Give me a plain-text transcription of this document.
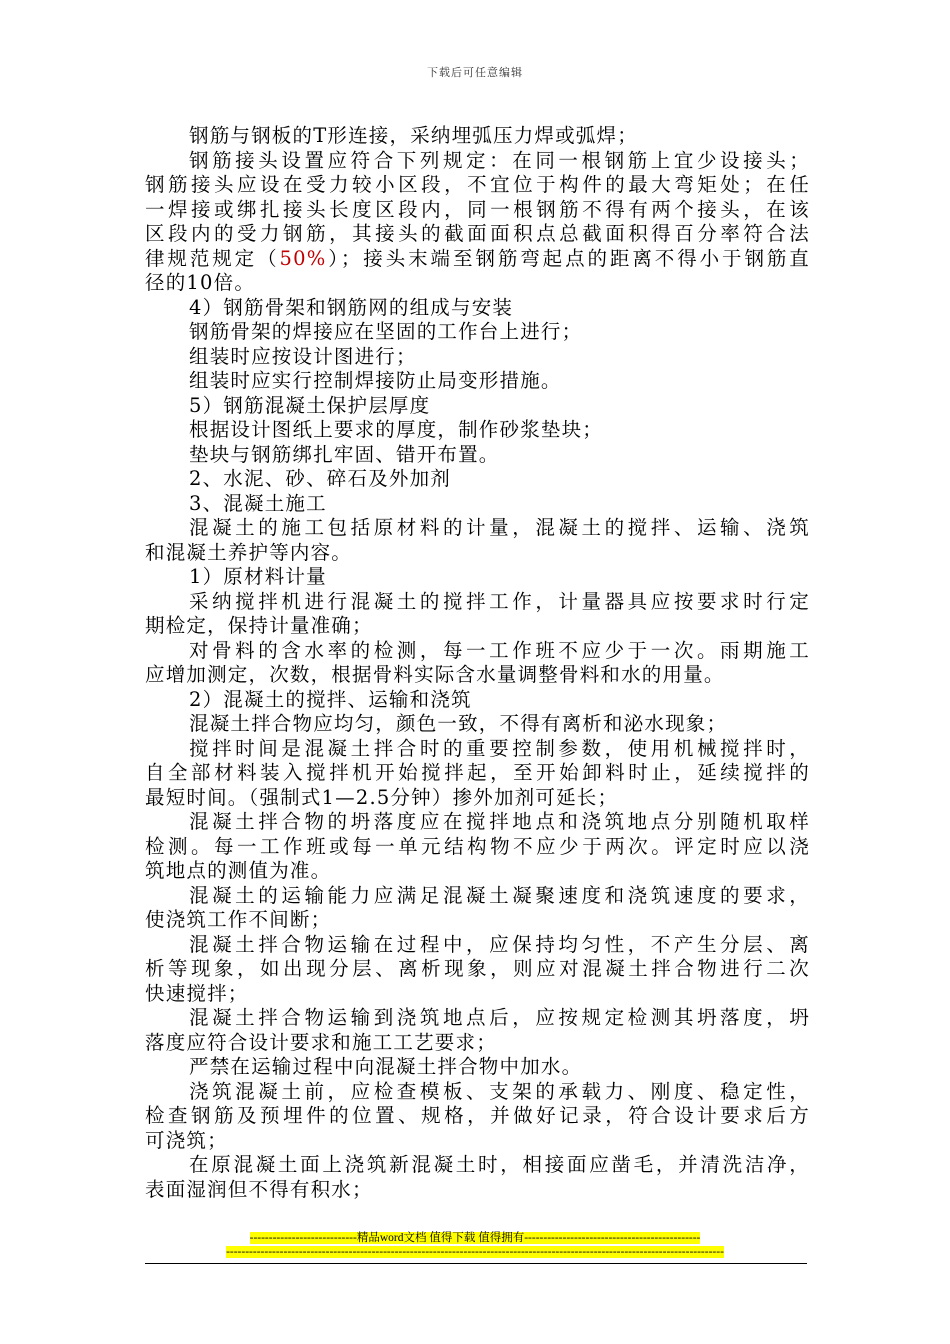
下载后可任意编辑
钢筋与钢板的T形连接，采纳埋弧压力焊或弧焊；
钢筋接头设置应符合下列规定：在同一根钢筋上宜少设接头；
钢筋接头应设在受力较小区段，不宜位于构件的最大弯矩处；在任
一焊接或绑扎接头长度区段内，同一根钢筋不得有两个接头，在该
区段内的受力钢筋，其接头的截面面积点总截面积得百分率符合法
律规范规定（50%）；接头末端至钢筋弯起点的距离不得小于钢筋直
径的10倍。
4）钢筋骨架和钢筋网的组成与安装
钢筋骨架的焊接应在坚固的工作台上进行；
组装时应按设计图进行；
组装时应实行控制焊接防止局变形措施。
5）钢筋混凝土保护层厚度
根据设计图纸上要求的厚度，制作砂浆垫块；
垫块与钢筋绑扎牢固、错开布置。
2、水泥、砂、碎石及外加剂
3、混凝土施工
混凝土的施工包括原材料的计量，混凝土的搅拌、运输、浇筑
和混凝土养护等内容。
1）原材料计量
采纳搅拌机进行混凝土的搅拌工作，计量器具应按要求时行定
期检定，保持计量准确；
对骨料的含水率的检测，每一工作班不应少于一次。雨期施工
应增加测定，次数，根据骨料实际含水量调整骨料和水的用量。
2）混凝土的搅拌、运输和浇筑
混凝土拌合物应均匀，颜色一致，不得有离析和泌水现象；
搅拌时间是混凝土拌合时的重要控制参数，使用机械搅拌时，
自全部材料装入搅拌机开始搅拌起，至开始卸料时止，延续搅拌的
最短时间。（强制式1—2.5分钟）掺外加剂可延长；
混凝土拌合物的坍落度应在搅拌地点和浇筑地点分别随机取样
检测。每一工作班或每一单元结构物不应少于两次。评定时应以浇
筑地点的测值为准。
混凝土的运输能力应满足混凝土凝聚速度和浇筑速度的要求，
使浇筑工作不间断；
混凝土拌合物运输在过程中，应保持均匀性，不产生分层、离
析等现象，如出现分层、离析现象，则应对混凝土拌合物进行二次
快速搅拌；
混凝土拌合物运输到浇筑地点后，应按规定检测其坍落度，坍
落度应符合设计要求和施工工艺要求；
严禁在运输过程中向混凝土拌合物中加水。
浇筑混凝土前，应检查模板、支架的承载力、刚度、稳定性，
检查钢筋及预埋件的位置、规格，并做好记录，符合设计要求后方
可浇筑；
在原混凝土面上浇筑新混凝土时，相接面应凿毛，并清洗洁净，
表面湿润但不得有积水；
----------------------------精品word文档 值得下载 值得拥有----------------------------------------------
----------------------------------------------------------------------------------------------------------------------------------
